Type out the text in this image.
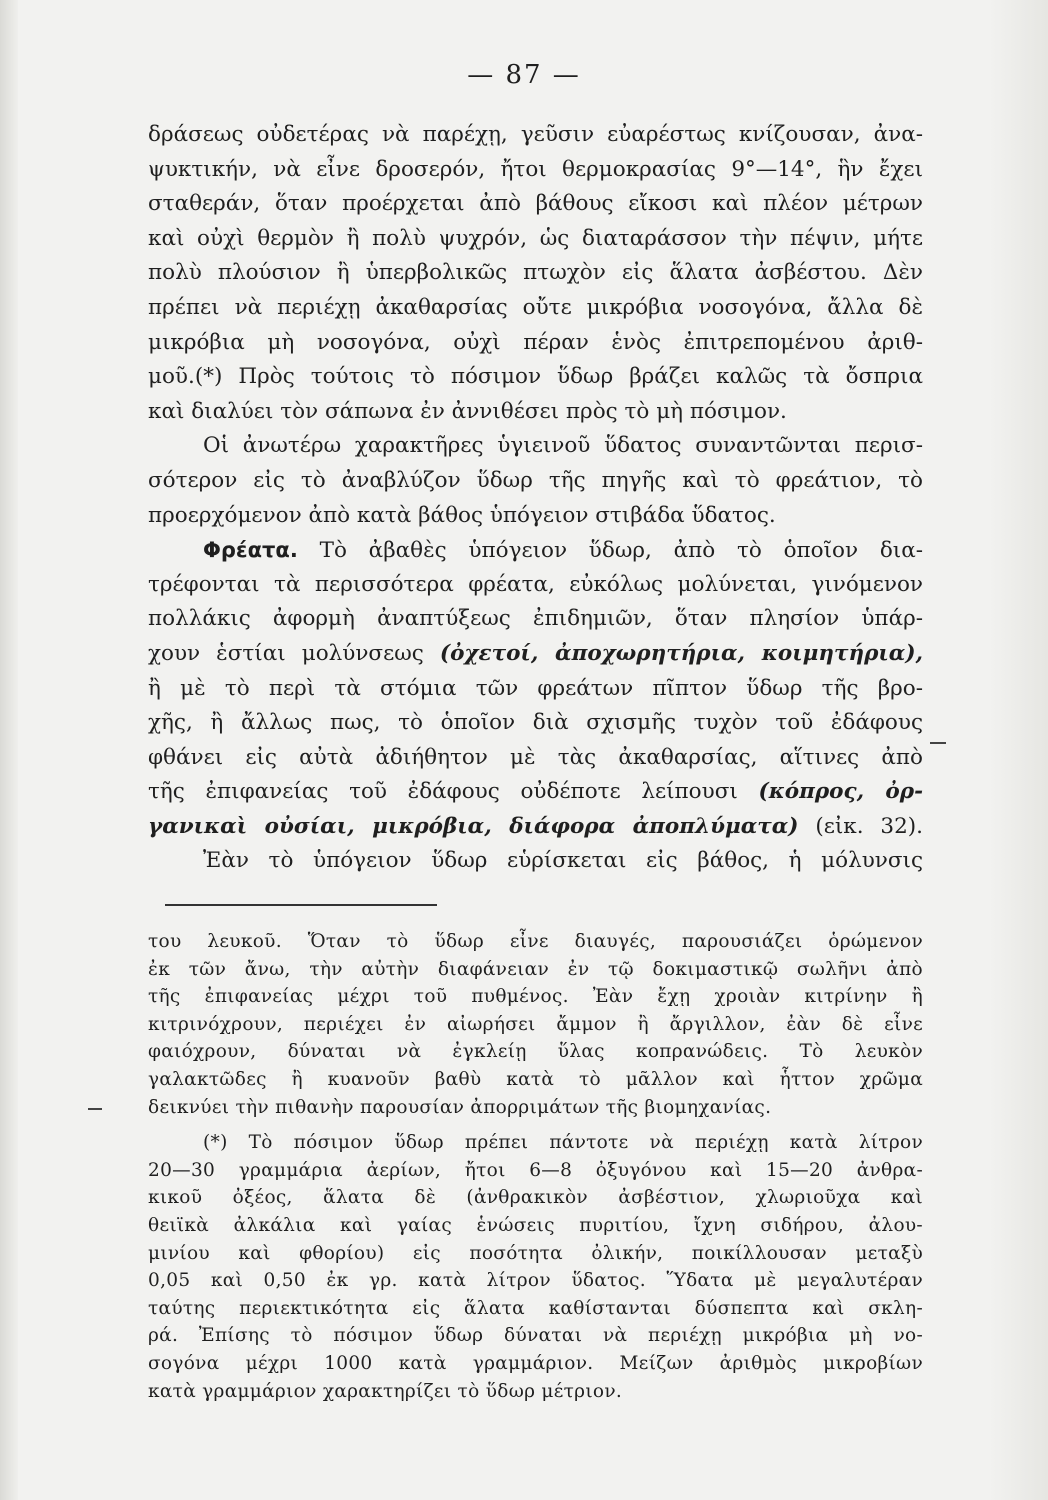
— 87 —
δράσεως οὐδετέρας νὰ παρέχῃ, γεῦσιν εὐαρέστως κνίζουσαν, ἀνα-
ψυκτικήν, νὰ εἶνε δροσερόν, ἤτοι θερμοκρασίας 9°—14°, ἣν ἔχει
σταθεράν, ὅταν προέρχεται ἀπὸ βάθους εἴκοσι καὶ πλέον μέτρων
καὶ οὐχὶ θερμὸν ἢ πολὺ ψυχρόν, ὡς διαταράσσον τὴν πέψιν, μήτε
πολὺ πλούσιον ἢ ὑπερβολικῶς πτωχὸν εἰς ἅλατα ἀσβέστου. Δὲν
πρέπει νὰ περιέχῃ ἀκαθαρσίας οὔτε μικρόβια νοσογόνα, ἄλλα δὲ
μικρόβια μὴ νοσογόνα, οὐχὶ πέραν ἑνὸς ἐπιτρεπομένου ἀριθ-
μοῦ.(*) Πρὸς τούτοις τὸ πόσιμον ὕδωρ βράζει καλῶς τὰ ὄσπρια
καὶ διαλύει τὸν σάπωνα ἐν ἀννιθέσει πρὸς τὸ μὴ πόσιμον.
Οἱ ἀνωτέρω χαρακτῆρες ὑγιεινοῦ ὕδατος συναντῶνται περισ-
σότερον εἰς τὸ ἀναβλύζον ὕδωρ τῆς πηγῆς καὶ τὸ φρεάτιον, τὸ
προερχόμενον ἀπὸ κατὰ βάθος ὑπόγειον στιβάδα ὕδατος.
Φρέατα. Τὸ ἀβαθὲς ὑπόγειον ὕδωρ, ἀπὸ τὸ ὁποῖον δια-
τρέφονται τὰ περισσότερα φρέατα, εὐκόλως μολύνεται, γινόμενον
πολλάκις ἀφορμὴ ἀναπτύξεως ἐπιδημιῶν, ὅταν πλησίον ὑπάρ-
χουν ἑστίαι μολύνσεως (ὀχετοί, ἀποχωρητήρια, κοιμητήρια),
ἢ μὲ τὸ περὶ τὰ στόμια τῶν φρεάτων πῖπτον ὕδωρ τῆς βρο-
χῆς, ἢ ἄλλως πως, τὸ ὁποῖον διὰ σχισμῆς τυχὸν τοῦ ἐδάφους
φθάνει εἰς αὐτὰ ἀδιήθητον μὲ τὰς ἀκαθαρσίας, αἵτινες ἀπὸ
τῆς ἐπιφανείας τοῦ ἐδάφους οὐδέποτε λείπουσι (κόπρος, ὀρ-
γανικαὶ οὐσίαι, μικρόβια, διάφορα ἀποπλύματα) (εἰκ. 32).
Ἐὰν τὸ ὑπόγειον ὕδωρ εὑρίσκεται εἰς βάθος, ἡ μόλυνσις
του λευκοῦ. Ὅταν τὸ ὕδωρ εἶνε διαυγές, παρουσιάζει ὁρώμενον
ἐκ τῶν ἄνω, τὴν αὐτὴν διαφάνειαν ἐν τῷ δοκιμαστικῷ σωλῆνι ἀπὸ
τῆς ἐπιφανείας μέχρι τοῦ πυθμένος. Ἐὰν ἔχῃ χροιὰν κιτρίνην ἢ
κιτρινόχρουν, περιέχει ἐν αἰωρήσει ἄμμον ἢ ἄργιλλον, ἐὰν δὲ εἶνε
φαιόχρουν, δύναται νὰ ἐγκλείῃ ὕλας κοπρανώδεις. Τὸ λευκὸν
γαλακτῶδες ἢ κυανοῦν βαθὺ κατὰ τὸ μᾶλλον καὶ ἧττον χρῶμα
δεικνύει τὴν πιθανὴν παρουσίαν ἀπορριμάτων τῆς βιομηχανίας.
(*) Τὸ πόσιμον ὕδωρ πρέπει πάντοτε νὰ περιέχῃ κατὰ λίτρον
20—30 γραμμάρια ἀερίων, ἤτοι 6—8 ὀξυγόνου καὶ 15—20 ἀνθρα-
κικοῦ ὀξέος, ἅλατα δὲ (ἀνθρακικὸν ἀσβέστιον, χλωριοῦχα καὶ
θειϊκὰ ἀλκάλια καὶ γαίας ἑνώσεις πυριτίου, ἴχνη σιδήρου, ἀλου-
μινίου καὶ φθορίου) εἰς ποσότητα ὀλικήν, ποικίλλουσαν μεταξὺ
0,05 καὶ 0,50 ἐκ γρ. κατὰ λίτρον ὕδατος. Ὕδατα μὲ μεγαλυτέραν
ταύτης περιεκτικότητα εἰς ἅλατα καθίστανται δύσπεπτα καὶ σκλη-
ρά. Ἐπίσης τὸ πόσιμον ὕδωρ δύναται νὰ περιέχῃ μικρόβια μὴ νο-
σογόνα μέχρι 1000 κατὰ γραμμάριον. Μείζων ἀριθμὸς μικροβίων
κατὰ γραμμάριον χαρακτηρίζει τὸ ὕδωρ μέτριον.
